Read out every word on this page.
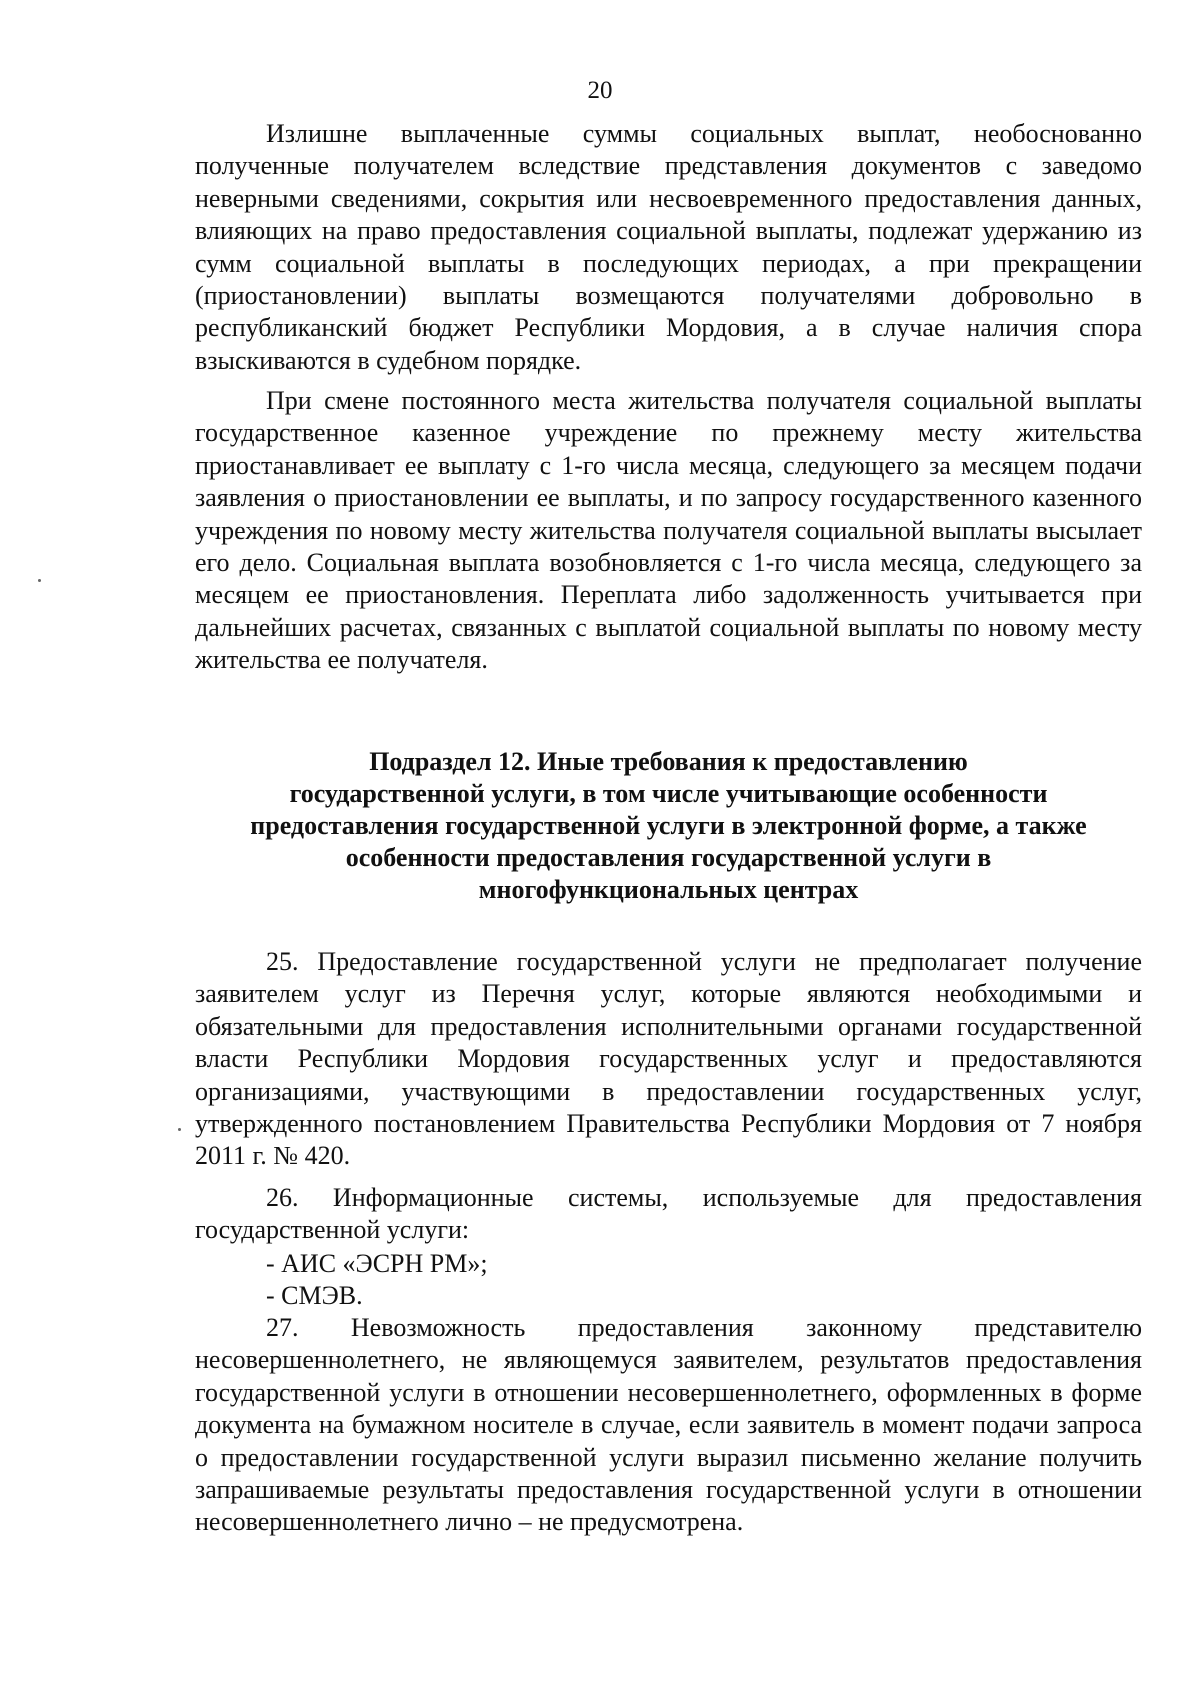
20

Излишне выплаченные суммы социальных выплат, необоснованно полученные получателем вследствие представления документов с заведомо неверными сведениями, сокрытия или несвоевременного предоставления данных, влияющих на право предоставления социальной выплаты, подлежат удержанию из сумм социальной выплаты в последующих периодах, а при прекращении (приостановлении) выплаты возмещаются получателями добровольно в республиканский бюджет Республики Мордовия, а в случае наличия спора взыскиваются в судебном порядке.

При смене постоянного места жительства получателя социальной выплаты государственное казенное учреждение по прежнему месту жительства приостанавливает ее выплату с 1-го числа месяца, следующего за месяцем подачи заявления о приостановлении ее выплаты, и по запросу государственного казенного учреждения по новому месту жительства получателя социальной выплаты высылает его дело. Социальная выплата возобновляется с 1-го числа месяца, следующего за месяцем ее приостановления. Переплата либо задолженность учитывается при дальнейших расчетах, связанных с выплатой социальной выплаты по новому месту жительства ее получателя.

Подраздел 12. Иные требования к предоставлению
государственной услуги, в том числе учитывающие особенности
предоставления государственной услуги в электронной форме, а также
особенности предоставления государственной услуги в
многофункциональных центрах

25. Предоставление государственной услуги не предполагает получение заявителем услуг из Перечня услуг, которые являются необходимыми и обязательными для предоставления исполнительными органами государственной власти Республики Мордовия государственных услуг и предоставляются организациями, участвующими в предоставлении государственных услуг, утвержденного постановлением Правительства Республики Мордовия от 7 ноября 2011 г. № 420.

26. Информационные системы, используемые для предоставления государственной услуги:

- АИС «ЭСРН РМ»;

- СМЭВ.

27. Невозможность предоставления законному представителю несовершеннолетнего, не являющемуся заявителем, результатов предоставления государственной услуги в отношении несовершеннолетнего, оформленных в форме документа на бумажном носителе в случае, если заявитель в момент подачи запроса о предоставлении государственной услуги выразил письменно желание получить запрашиваемые результаты предоставления государственной услуги в отношении несовершеннолетнего лично – не предусмотрена.
